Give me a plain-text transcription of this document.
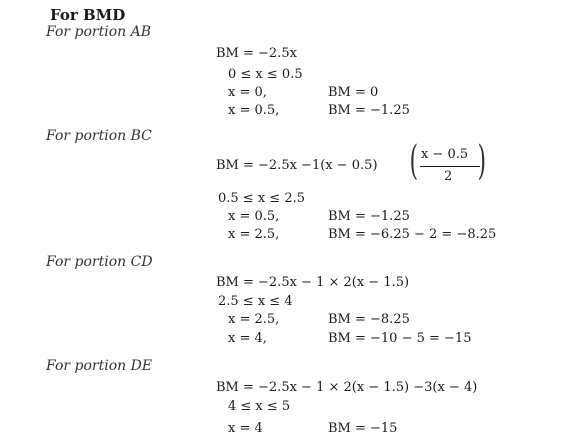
For BMD
For portion AB
BM = −2.5x
0 ≤ x ≤ 0.5
x = 0,	BM = 0
x = 0.5,	BM = −1.25
For portion BC
BM = −2.5x −1(x − 0.5) ( x − 0.5
2 )
0.5 ≤ x ≤ 2.5
x = 0.5,	BM = −1.25
x = 2.5,	BM = −6.25 − 2 = −8.25
For portion CD
BM = −2.5x − 1 × 2(x − 1.5)
2.5 ≤ x ≤ 4
x = 2.5,	BM = −8.25
x = 4,	BM = −10 − 5 = −15
For portion DE
BM = −2.5x − 1 × 2(x − 1.5) −3(x − 4)
4 ≤ x ≤ 5
x = 4	BM = −15
